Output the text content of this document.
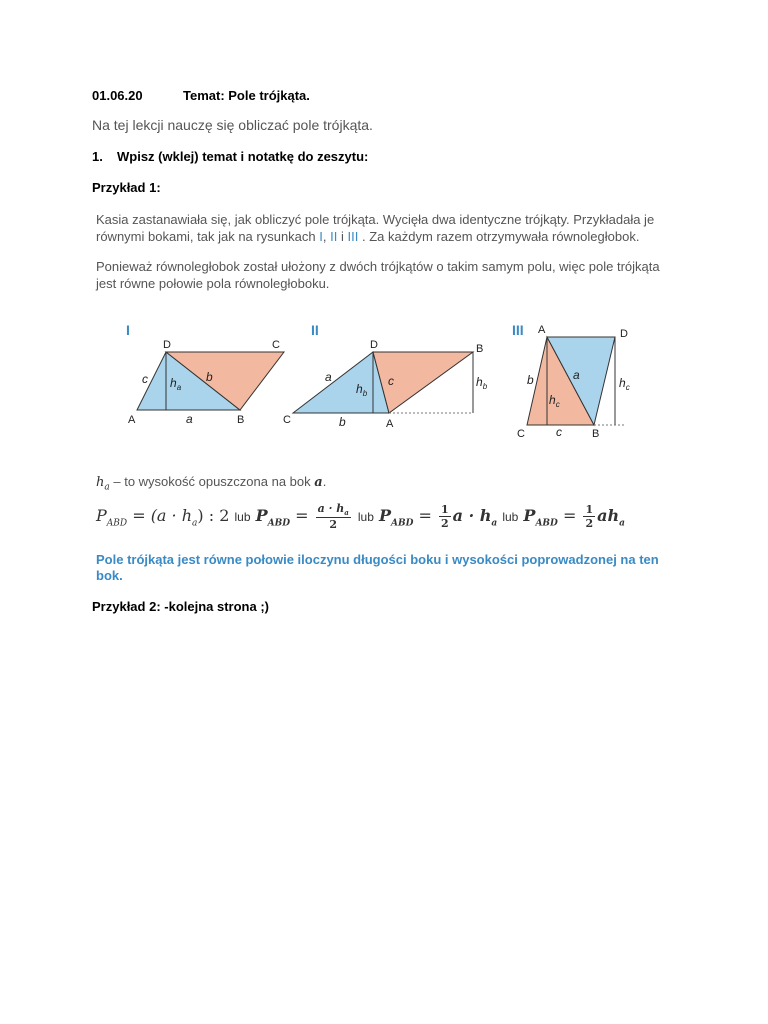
01.06.20	Temat: Pole trójkąta.
Na tej lekcji nauczę się obliczać pole trójkąta.
1. Wpisz (wklej) temat i notatkę do zeszytu:
Przykład 1:
Kasia zastanawiała się, jak obliczyć pole trójkąta. Wycięła dwa identyczne trójkąty. Przykładała je
równymi bokami, tak jak na rysunkach I, II i III . Za każdym razem otrzymywała równoległobok.
Ponieważ równoległobok został ułożony z dwóch trójkątów o takim samym polu, więc pole trójkąta
jest równe połowie pola równoległoboku.
I
D	C
A	B
c	b
a
$h_a$
II
D	B
C	A
a	c
b
$h_b$
$h_b$
III A	D
C	B
b	a
c
$h_c$
$h_c$
$h_a$ – to wysokość opuszczona na bok a.
$P_{ABD} = (a \cdot h_a)$ : 2 lub $P_{ABD} = \frac{a \cdot h_a}{2}$ lub $P_{ABD} = \frac{1}{2}$ $a \cdot h_a$ lub $P_{ABD} = \frac{1}{2} ah_a$
Pole trójkąta jest równe połowie iloczynu długości boku i wysokości poprowadzonej na ten
bok.
Przykład 2: -kolejna strona ;)
